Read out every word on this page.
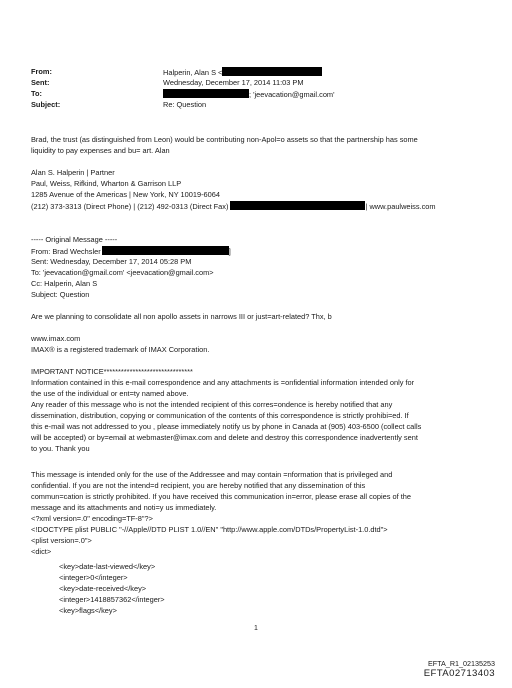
From:
Sent:
To:
Subject:
Halperin, Alan S <
Wednesday, December 17, 2014 11:03 PM
; 'jeevacation@gmail.com'
Re: Question
Brad, the trust (as distinguished from Leon) would be contributing non-Apol=o assets so that the partnership has some
liquidity to pay expenses and bu= art. Alan
Alan S. Halperin | Partner
Paul, Weiss, Rifkind, Wharton & Garrison LLP
1285 Avenue of the Americas | New York, NY 10019-6064
(212) 373-3313 (Direct Phone) | (212) 492-0313 (Direct Fax)	| www.paulweiss.com
----- Original Message -----
From: Brad Wechsler	]
Sent: Wednesday, December 17, 2014 05:28 PM
To: 'jeevacation@gmail.com' <jeevacation@gmail.com>
Cc: Halperin, Alan S
Subject: Question
Are we planning to consolidate all non apollo assets in narrows III or just=art-related? Thx, b
www.imax.com
IMAX® is a registered trademark of IMAX Corporation.
IMPORTANT NOTICE*******************************
Information contained in this e-mail correspondence and any attachments is =onfidential information intended only for
the use of the individual or ent=ty named above.
Any reader of this message who is not the intended recipient of this corres=ondence is hereby notified that any
dissemination, distribution, copying or communication of the contents of this correspondence is strictly prohibi=ed. If
this e-mail was not addressed to you , please immediately notify us by phone in Canada at (905) 403-6500 (collect calls
will be accepted) or by=email at webmaster@imax.com and delete and destroy this correspondence inadvertently sent
to you. Thank you
This message is intended only for the use of the Addressee and may contain =nformation that is privileged and
confidential. If you are not the intend=d recipient, you are hereby notified that any dissemination of this
commun=cation is strictly prohibited. If you have received this communication in=error, please erase all copies of the
message and its attachments and noti=y us immediately.
<?xml version=.0" encoding=TF-8"?>
<!DOCTYPE plist PUBLIC "-//Apple//DTD PLIST 1.0//EN" "http://www.apple.com/DTDs/PropertyList-1.0.dtd">
<plist version=.0">
<dict>
<key>date-last-viewed</key>
<integer>0</integer>
<key>date-received</key>
<integer>1418857362</integer>
<key>flags</key>
1
EFTA_R1_02135253
EFTA02713403
